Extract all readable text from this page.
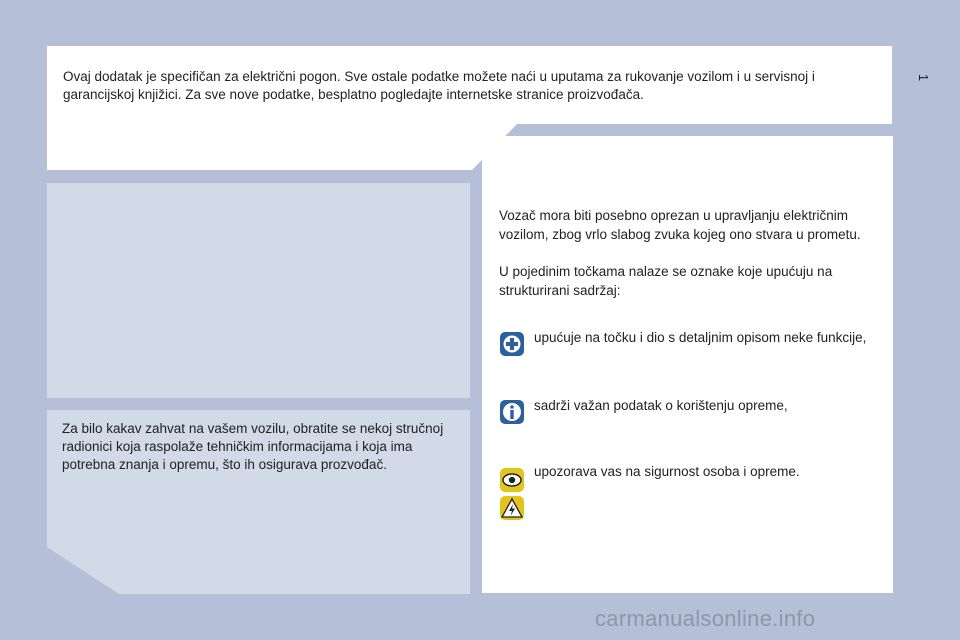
1

Ovaj dodatak je specifičan za električni pogon. Sve ostale podatke možete naći u uputama za rukovanje vozilom i u servisnoj i garancijskoj knjižici. Za sve nove podatke, besplatno pogledajte internetske stranice proizvođača.

Za bilo kakav zahvat na vašem vozilu, obratite se nekoj stručnoj radionici koja raspolaže tehničkim informacijama i koja ima potrebna znanja i opremu, što ih osigurava prozvođač.

Vozač mora biti posebno oprezan u upravljanju električnim vozilom, zbog vrlo slabog zvuka kojeg ono stvara u prometu.

U pojedinim točkama nalaze se oznake koje upućuju na strukturirani sadržaj:

upućuje na točku i dio s detaljnim opisom neke funkcije,

sadrži važan podatak o korištenju opreme,

upozorava vas na sigurnost osoba i opreme.

carmanualsonline.info
